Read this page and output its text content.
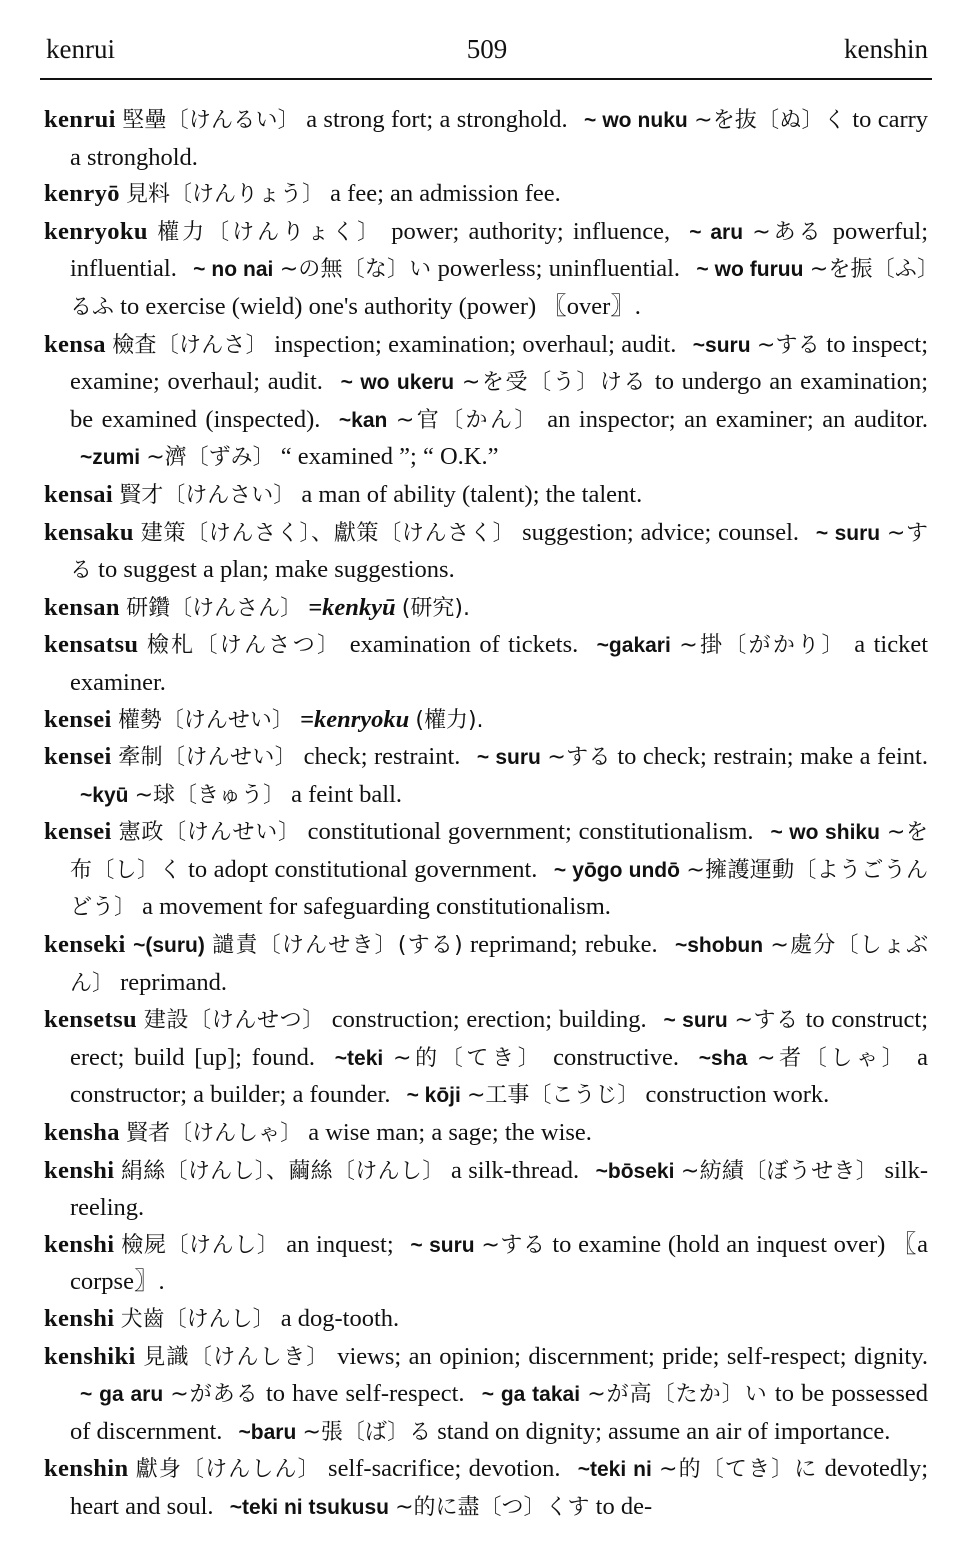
kenrui	509	kenshin
kenrui 堅壘〔けんるい〕 a strong fort; a stronghold. ~ wo nuku ~を抜〔ぬ〕く to carry a stronghold.
kenryō 見料〔けんりょう〕 a fee; an admission fee.
kenryoku 權力〔けんりょく〕 power; authority; influence, ~ aru ~ある powerful; influential. ~ no nai ~の無〔な〕い powerless; uninfluential. ~ wo furuu ~を振〔ふ〕るふ to exercise (wield) one's authority (power) 〖over〗.
kensa 檢査〔けんさ〕 inspection; examination; overhaul; audit. ~suru ~する to inspect; examine; overhaul; audit. ~ wo ukeru ~を受〔う〕ける to undergo an examination; be examined (inspected). ~kan ~官〔かん〕 an inspector; an examiner; an auditor. ~zumi ~濟〔ずみ〕 “ examined ”; “ O.K.”
kensai 賢才〔けんさい〕 a man of ability (talent); the talent.
kensaku 建策〔けんさく〕、獻策〔けんさく〕 suggestion; advice; counsel. ~ suru ~する to suggest a plan; make suggestions.
kensan 研鑽〔けんさん〕 =kenkyū (研究).
kensatsu 檢札〔けんさつ〕 examination of tickets. ~gakari ~掛〔がかり〕 a ticket examiner.
kensei 權勢〔けんせい〕 =kenryoku (權力).
kensei 牽制〔けんせい〕 check; restraint. ~ suru ~する to check; restrain; make a feint. ~kyū ~球〔きゅう〕 a feint ball.
kensei 憲政〔けんせい〕 constitutional government; constitutionalism. ~ wo shiku ~を布〔し〕く to adopt constitutional government. ~ yōgo undō ~擁護運動〔ようごうんどう〕 a movement for safeguarding constitutionalism.
kenseki ~(suru) 譴責〔けんせき〕(する) reprimand; rebuke. ~shobun ~處分〔しょぶん〕 reprimand.
kensetsu 建設〔けんせつ〕 construction; erection; building. ~ suru ~する to construct; erect; build [up]; found. ~teki ~的〔てき〕 constructive. ~sha ~者〔しゃ〕 a constructor; a builder; a founder. ~ kōji ~工事〔こうじ〕 construction work.
kensha 賢者〔けんしゃ〕 a wise man; a sage; the wise.
kenshi 絹絲〔けんし〕、繭絲〔けんし〕 a silk-thread. ~bōseki ~紡績〔ぼうせき〕 silk-reeling.
kenshi 檢屍〔けんし〕 an inquest; ~ suru ~する to examine (hold an inquest over) 〖a corpse〗.
kenshi 犬齒〔けんし〕 a dog-tooth.
kenshiki 見識〔けんしき〕 views; an opinion; discernment; pride; self-respect; dignity. ~ ga aru ~がある to have self-respect. ~ ga takai ~が高〔たか〕い to be possessed of discernment. ~baru ~張〔ば〕る stand on dignity; assume an air of importance.
kenshin 獻身〔けんしん〕 self-sacrifice; devotion. ~teki ni ~的〔てき〕に devotedly; heart and soul. ~teki ni tsukusu ~的に盡〔つ〕くす to de-
